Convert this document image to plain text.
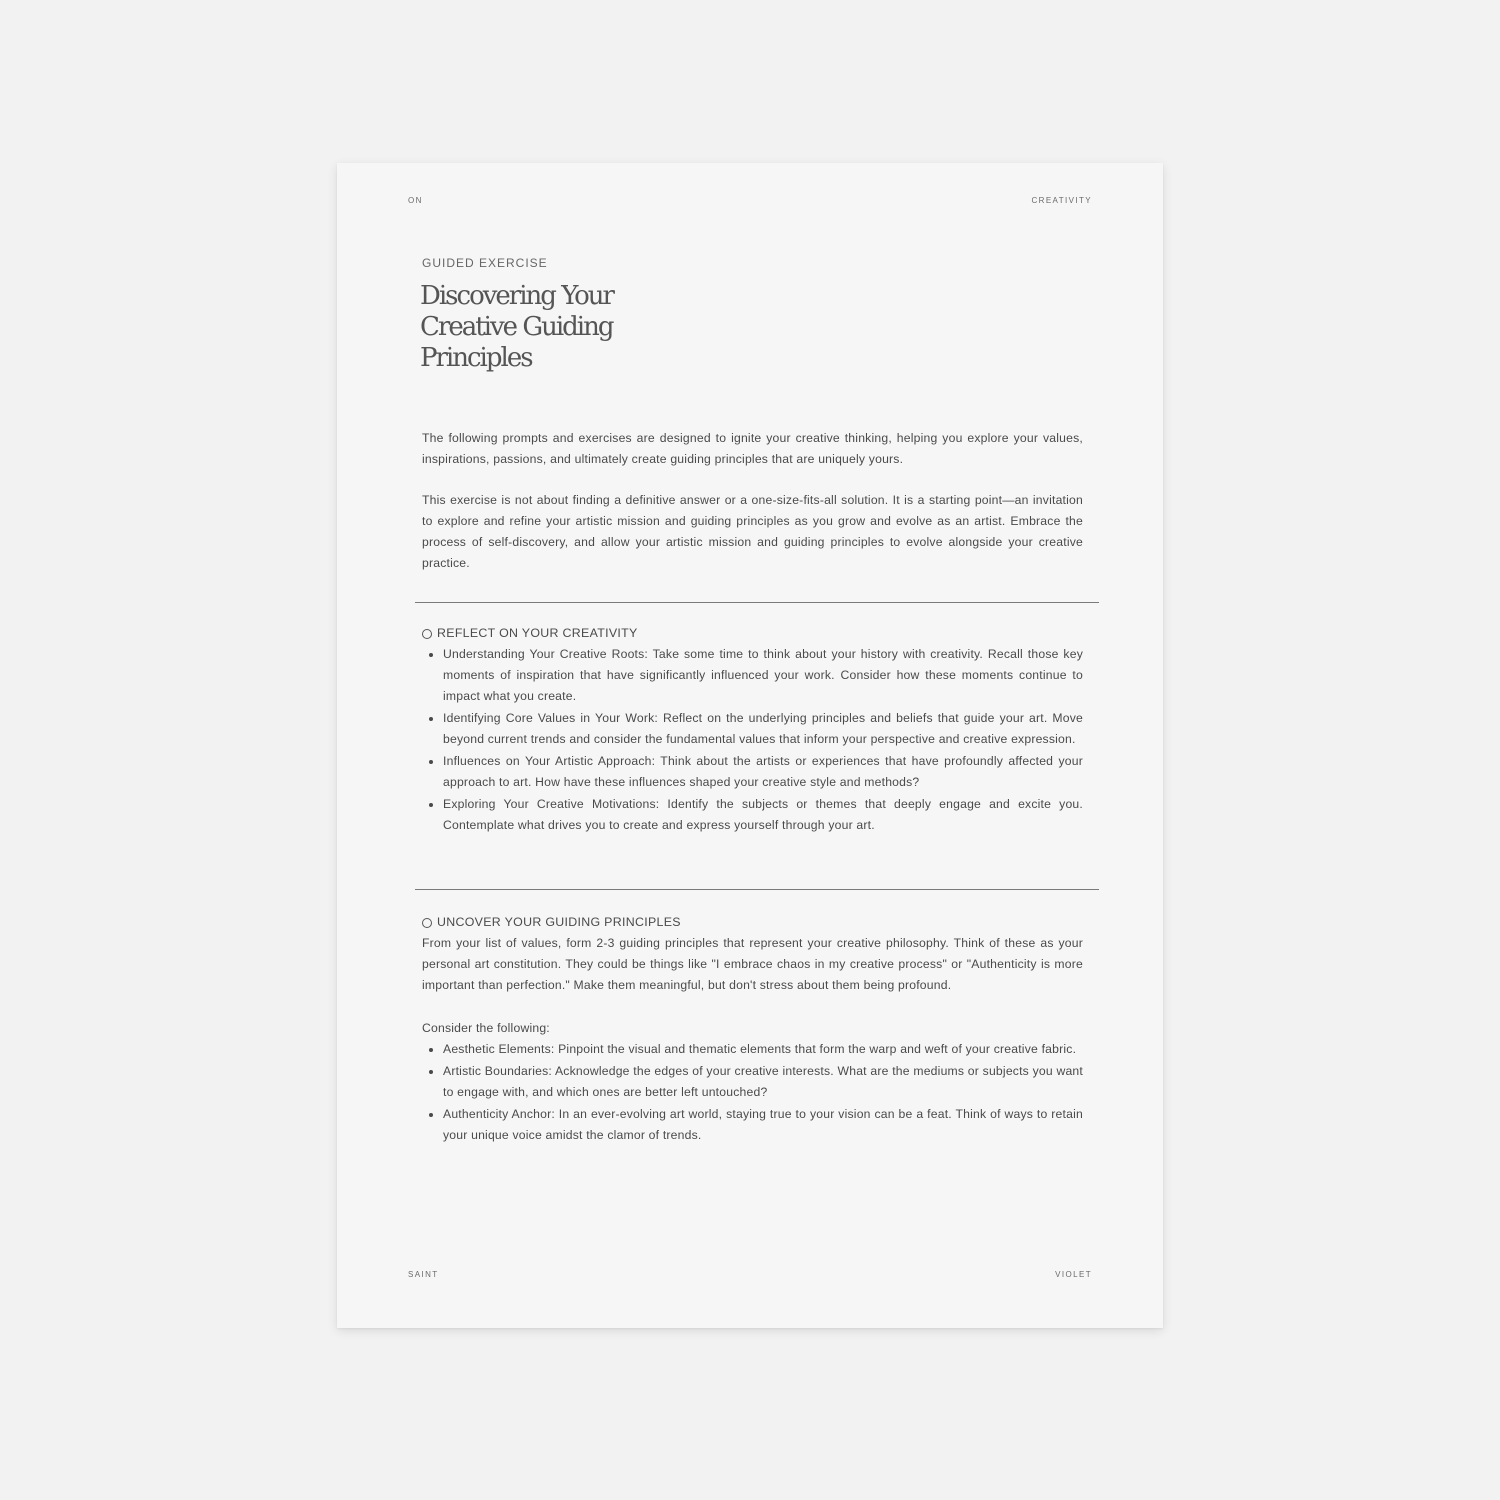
ON	CREATIVITY
GUIDED EXERCISE
Discovering Your Creative Guiding Principles

The following prompts and exercises are designed to ignite your creative thinking, helping you explore your values, inspirations, passions, and ultimately create guiding principles that are uniquely yours.

This exercise is not about finding a definitive answer or a one-size-fits-all solution. It is a starting point—an invitation to explore and refine your artistic mission and guiding principles as you grow and evolve as an artist. Embrace the process of self-discovery, and allow your artistic mission and guiding principles to evolve alongside your creative practice.

REFLECT ON YOUR CREATIVITY
Understanding Your Creative Roots: Take some time to think about your history with creativity. Recall those key moments of inspiration that have significantly influenced your work. Consider how these moments continue to impact what you create.
Identifying Core Values in Your Work: Reflect on the underlying principles and beliefs that guide your art. Move beyond current trends and consider the fundamental values that inform your perspective and creative expression.
Influences on Your Artistic Approach: Think about the artists or experiences that have profoundly affected your approach to art. How have these influences shaped your creative style and methods?
Exploring Your Creative Motivations: Identify the subjects or themes that deeply engage and excite you. Contemplate what drives you to create and express yourself through your art.
UNCOVER YOUR GUIDING PRINCIPLES

From your list of values, form 2-3 guiding principles that represent your creative philosophy. Think of these as your personal art constitution. They could be things like "I embrace chaos in my creative process" or "Authenticity is more important than perfection." Make them meaningful, but don't stress about them being profound.

Consider the following:

Aesthetic Elements: Pinpoint the visual and thematic elements that form the warp and weft of your creative fabric.
Artistic Boundaries: Acknowledge the edges of your creative interests. What are the mediums or subjects you want to engage with, and which ones are better left untouched?
Authenticity Anchor: In an ever-evolving art world, staying true to your vision can be a feat. Think of ways to retain your unique voice amidst the clamor of trends.
SAINT	VIOLET
